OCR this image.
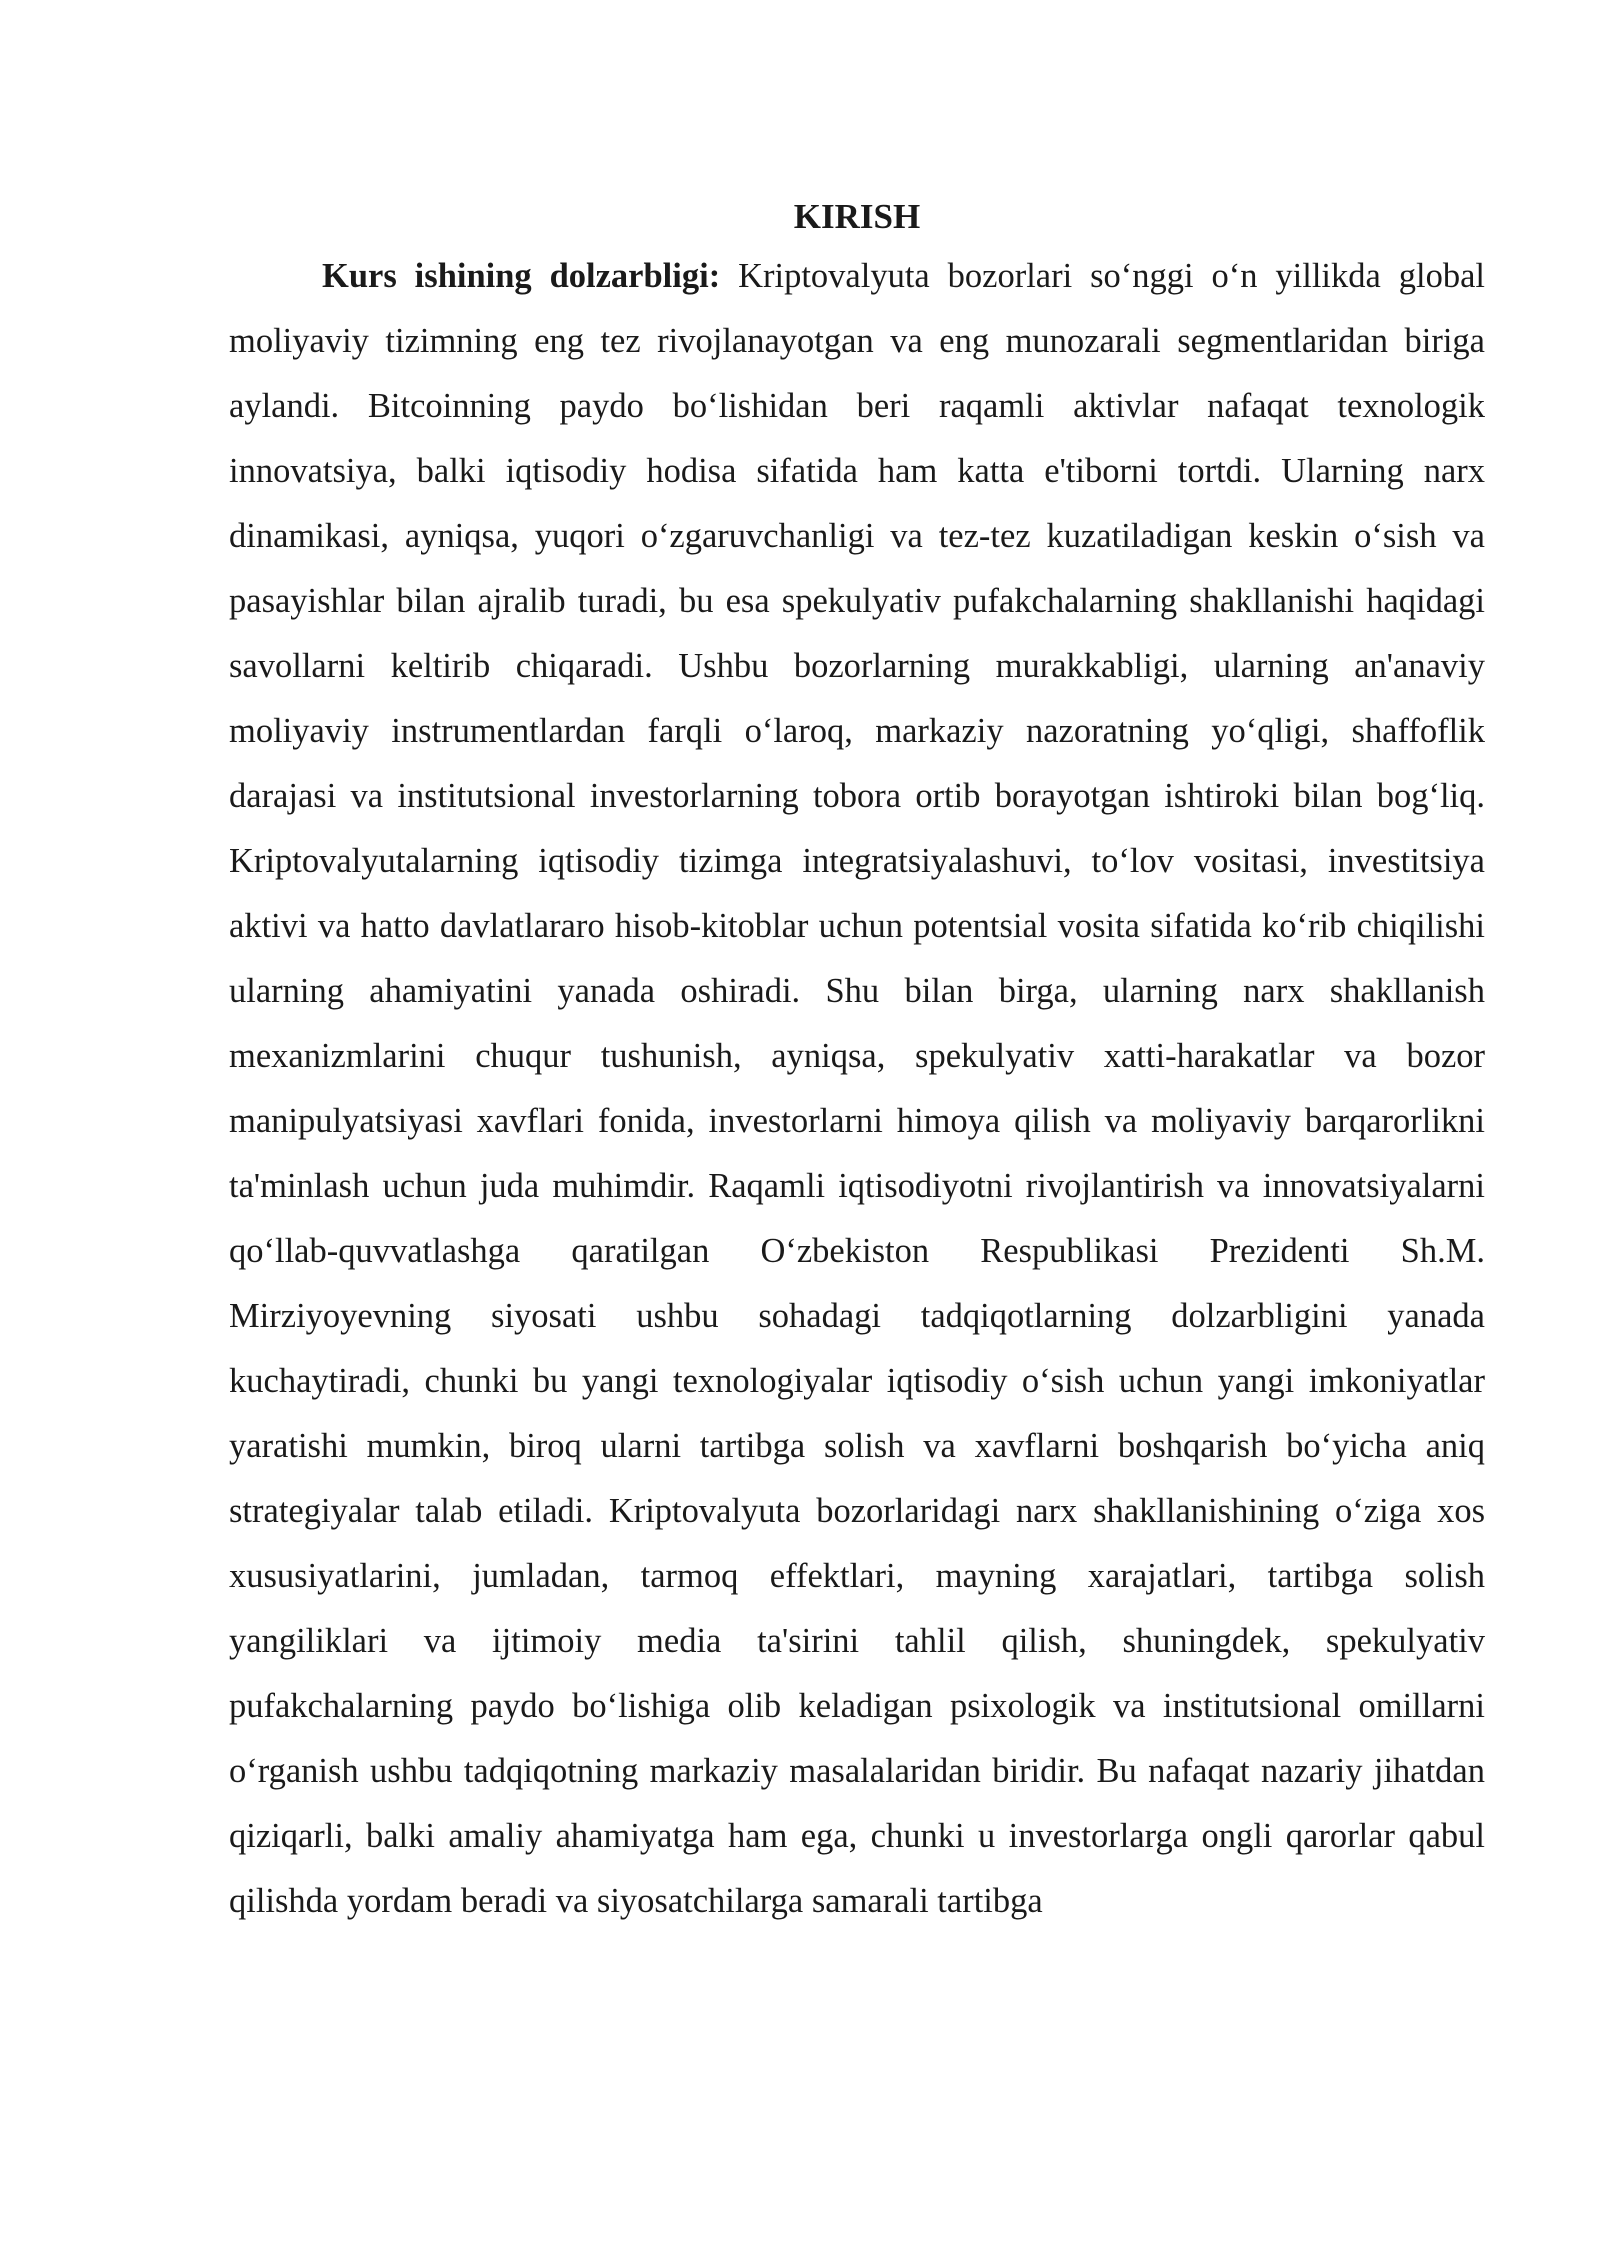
KIRISH

Kurs ishining dolzarbligi: Kriptovalyuta bozorlari so‘nggi o‘n yillikda global moliyaviy tizimning eng tez rivojlanayotgan va eng munozarali segmentlaridan biriga aylandi. Bitcoinning paydo bo‘lishidan beri raqamli aktivlar nafaqat texnologik innovatsiya, balki iqtisodiy hodisa sifatida ham katta e'tiborni tortdi. Ularning narx dinamikasi, ayniqsa, yuqori o‘zgaruvchanligi va tez-tez kuzatiladigan keskin o‘sish va pasayishlar bilan ajralib turadi, bu esa spekulyativ pufakchalarning shakllanishi haqidagi savollarni keltirib chiqaradi. Ushbu bozorlarning murakkabligi, ularning an'anaviy moliyaviy instrumentlardan farqli o‘laroq, markaziy nazoratning yo‘qligi, shaffoflik darajasi va institutsional investorlarning tobora ortib borayotgan ishtiroki bilan bog‘liq. Kriptovalyutalarning iqtisodiy tizimga integratsiyalashuvi, to‘lov vositasi, investitsiya aktivi va hatto davlatlararo hisob-kitoblar uchun potentsial vosita sifatida ko‘rib chiqilishi ularning ahamiyatini yanada oshiradi. Shu bilan birga, ularning narx shakllanish mexanizmlarini chuqur tushunish, ayniqsa, spekulyativ xatti-harakatlar va bozor manipulyatsiyasi xavflari fonida, investorlarni himoya qilish va moliyaviy barqarorlikni ta'minlash uchun juda muhimdir. Raqamli iqtisodiyotni rivojlantirish va innovatsiyalarni qo‘llab-quvvatlashga qaratilgan O‘zbekiston Respublikasi Prezidenti Sh.M. Mirziyoyevning siyosati ushbu sohadagi tadqiqotlarning dolzarbligini yanada kuchaytiradi, chunki bu yangi texnologiyalar iqtisodiy o‘sish uchun yangi imkoniyatlar yaratishi mumkin, biroq ularni tartibga solish va xavflarni boshqarish bo‘yicha aniq strategiyalar talab etiladi. Kriptovalyuta bozorlaridagi narx shakllanishining o‘ziga xos xususiyatlarini, jumladan, tarmoq effektlari, mayning xarajatlari, tartibga solish yangiliklari va ijtimoiy media ta'sirini tahlil qilish, shuningdek, spekulyativ pufakchalarning paydo bo‘lishiga olib keladigan psixologik va institutsional omillarni o‘rganish ushbu tadqiqotning markaziy masalalaridan biridir. Bu nafaqat nazariy jihatdan qiziqarli, balki amaliy ahamiyatga ham ega, chunki u investorlarga ongli qarorlar qabul qilishda yordam beradi va siyosatchilarga samarali tartibga
